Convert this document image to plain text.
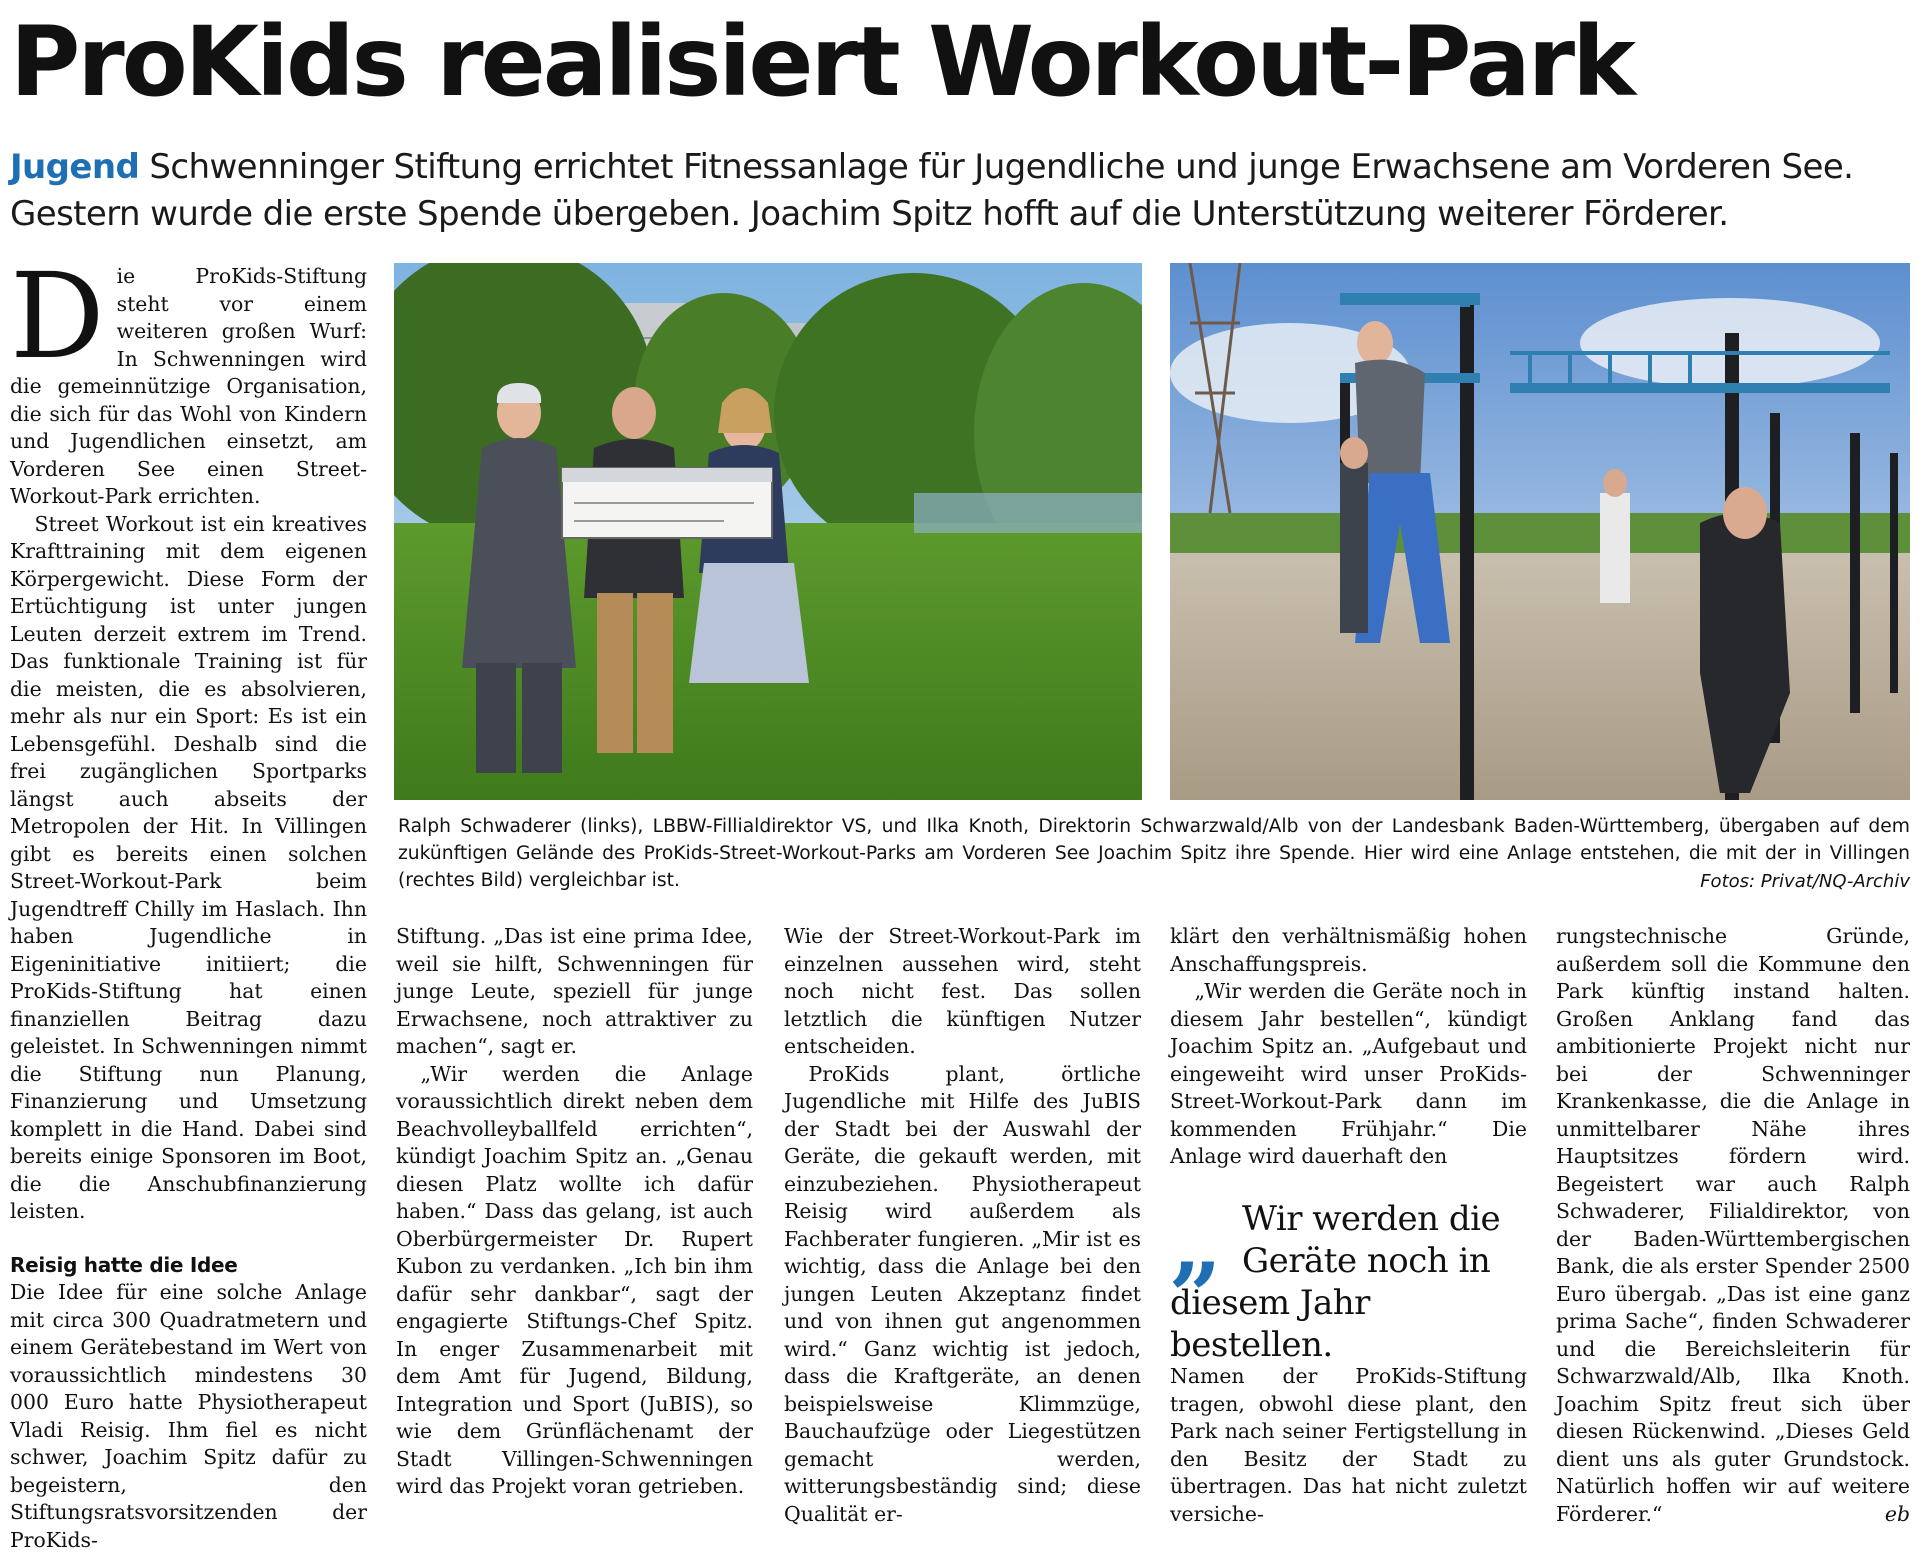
ProKids realisiert Workout-Park
Jugend Schwenninger Stiftung errichtet Fitnessanlage für Jugendliche und junge Erwachsene am Vorderen See. Gestern wurde die erste Spende übergeben. Joachim Spitz hofft auf die Unterstützung weiterer Förderer.
Ralph Schwaderer (links), LBBW-Fillialdirektor VS, und Ilka Knoth, Direktorin Schwarzwald/Alb von der Landesbank Baden-Württemberg, übergaben auf dem zukünftigen Gelände des ProKids-Street-Workout-Parks am Vorderen See Joachim Spitz ihre Spende. Hier wird eine Anlage entstehen, die mit der in Villingen (rechtes Bild) vergleichbar ist.	Fotos: Privat/NQ-Archiv

Die ProKids-Stiftung steht vor einem weiteren großen Wurf: In Schwenningen wird die gemeinnützige Organisation, die sich für das Wohl von Kindern und Jugendlichen einsetzt, am Vorderen See einen Street-Workout-Park errichten.

Street Workout ist ein kreatives Krafttraining mit dem eigenen Körpergewicht. Diese Form der Ertüchtigung ist unter jungen Leuten derzeit extrem im Trend. Das funktionale Training ist für die meisten, die es absolvieren, mehr als nur ein Sport: Es ist ein Lebensgefühl. Deshalb sind die frei zugänglichen Sportparks längst auch abseits der Metropolen der Hit. In Villingen gibt es bereits einen solchen Street-Workout-Park beim Jugendtreff Chilly im Haslach. Ihn haben Jugendliche in Eigeninitiative initiiert; die ProKids-Stiftung hat einen finanziellen Beitrag dazu geleistet. In Schwenningen nimmt die Stiftung nun Planung, Finanzierung und Umsetzung komplett in die Hand. Dabei sind bereits einige Sponsoren im Boot, die die Anschubfinanzierung leisten.

Reisig hatte die Idee

Die Idee für eine solche Anlage mit circa 300 Quadratmetern und einem Gerätebestand im Wert von voraussichtlich mindestens 30 000 Euro hatte Physiotherapeut Vladi Reisig. Ihm fiel es nicht schwer, Joachim Spitz dafür zu begeistern, den Stiftungsratsvorsitzenden der ProKids-

Stiftung. „Das ist eine prima Idee, weil sie hilft, Schwenningen für junge Leute, speziell für junge Erwachsene, noch attraktiver zu machen“, sagt er.

„Wir werden die Anlage voraussichtlich direkt neben dem Beachvolleyballfeld errichten“, kündigt Joachim Spitz an. „Genau diesen Platz wollte ich dafür haben.“ Dass das gelang, ist auch Oberbürgermeister Dr. Rupert Kubon zu verdanken. „Ich bin ihm dafür sehr dankbar“, sagt der engagierte Stiftungs-Chef Spitz. In enger Zusammenarbeit mit dem Amt für Jugend, Bildung, Integration und Sport (JuBIS), so wie dem Grünflächenamt der Stadt Villingen-Schwenningen wird das Projekt voran getrieben.

Wie der Street-Workout-Park im einzelnen aussehen wird, steht noch nicht fest. Das sollen letztlich die künftigen Nutzer entscheiden.

ProKids plant, örtliche Jugendliche mit Hilfe des JuBIS der Stadt bei der Auswahl der Geräte, die gekauft werden, mit einzubeziehen. Physiotherapeut Reisig wird außerdem als Fachberater fungieren. „Mir ist es wichtig, dass die Anlage bei den jungen Leuten Akzeptanz findet und von ihnen gut angenommen wird.“ Ganz wichtig ist jedoch, dass die Kraftgeräte, an denen beispielsweise Klimmzüge, Bauchaufzüge oder Liegestützen gemacht werden, witterungsbeständig sind; diese Qualität er-

klärt den verhältnismäßig hohen Anschaffungspreis.

„Wir werden die Geräte noch in diesem Jahr bestellen“, kündigt Joachim Spitz an. „Aufgebaut und eingeweiht wird unser ProKids-Street-Workout-Park dann im kommenden Frühjahr.“ Die Anlage wird dauerhaft den

„ Wir werden die
Geräte noch in
diesem Jahr bestellen.

Namen der ProKids-Stiftung tragen, obwohl diese plant, den Park nach seiner Fertigstellung in den Besitz der Stadt zu übertragen. Das hat nicht zuletzt versiche-

rungstechnische Gründe, außerdem soll die Kommune den Park künftig instand halten. Großen Anklang fand das ambitionierte Projekt nicht nur bei der Schwenninger Krankenkasse, die die Anlage in unmittelbarer Nähe ihres Hauptsitzes fördern wird. Begeistert war auch Ralph Schwaderer, Filialdirektor, von der Baden-Württembergischen Bank, die als erster Spender 2500 Euro übergab. „Das ist eine ganz prima Sache“, finden Schwaderer und die Bereichsleiterin für Schwarzwald/Alb, Ilka Knoth. Joachim Spitz freut sich über diesen Rückenwind. „Dieses Geld dient uns als guter Grundstock. Natürlich hoffen wir auf weitere Förderer.“	eb
